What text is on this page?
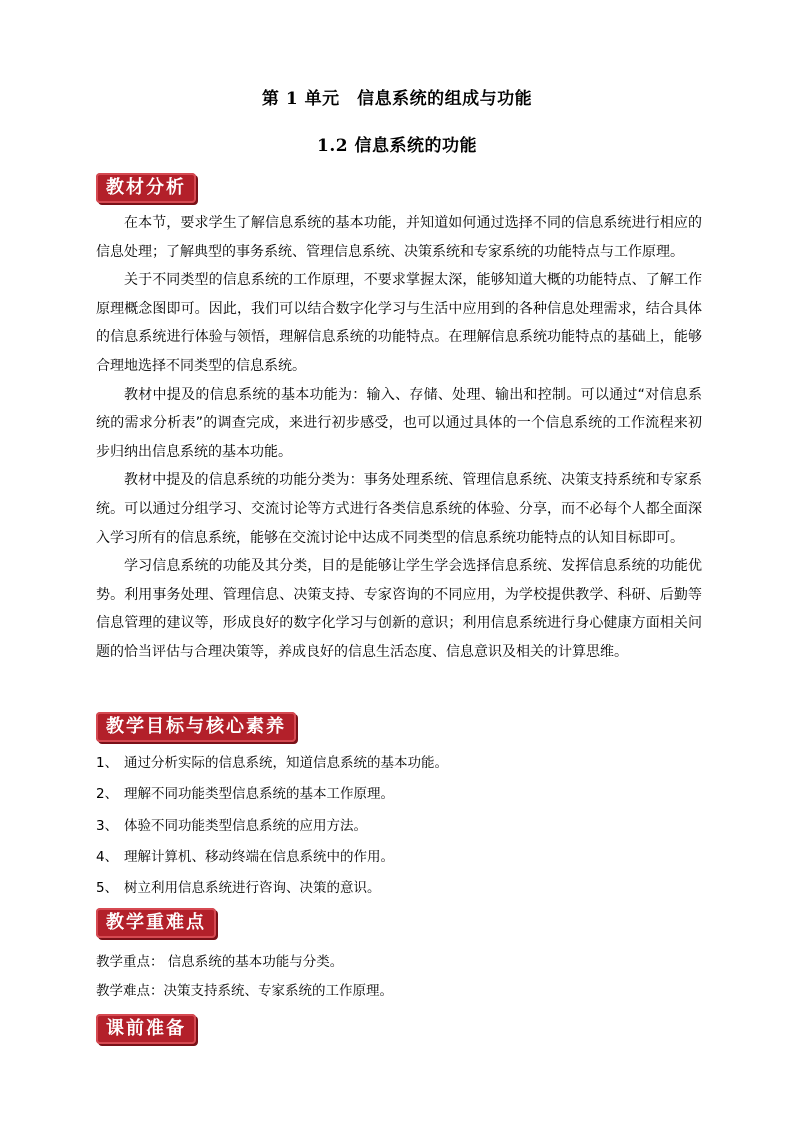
第 1 单元　信息系统的组成与功能
1.2 信息系统的功能
教材分析

在本节，要求学生了解信息系统的基本功能，并知道如何通过选择不同的信息系统进行相应的信息处理；了解典型的事务系统、管理信息系统、决策系统和专家系统的功能特点与工作原理。

关于不同类型的信息系统的工作原理，不要求掌握太深，能够知道大概的功能特点、了解工作原理概念图即可。因此，我们可以结合数字化学习与生活中应用到的各种信息处理需求，结合具体的信息系统进行体验与领悟，理解信息系统的功能特点。在理解信息系统功能特点的基础上，能够合理地选择不同类型的信息系统。

教材中提及的信息系统的基本功能为：输入、存储、处理、输出和控制。可以通过“对信息系统的需求分析表”的调查完成，来进行初步感受，也可以通过具体的一个信息系统的工作流程来初步归纳出信息系统的基本功能。

教材中提及的信息系统的功能分类为：事务处理系统、管理信息系统、决策支持系统和专家系统。可以通过分组学习、交流讨论等方式进行各类信息系统的体验、分享，而不必每个人都全面深入学习所有的信息系统，能够在交流讨论中达成不同类型的信息系统功能特点的认知目标即可。

学习信息系统的功能及其分类，目的是能够让学生学会选择信息系统、发挥信息系统的功能优势。利用事务处理、管理信息、决策支持、专家咨询的不同应用，为学校提供教学、科研、后勤等信息管理的建议等，形成良好的数字化学习与创新的意识；利用信息系统进行身心健康方面相关问题的恰当评估与合理决策等，养成良好的信息生活态度、信息意识及相关的计算思维。

教学目标与核心素养
1、 通过分析实际的信息系统，知道信息系统的基本功能。
2、 理解不同功能类型信息系统的基本工作原理。
3、 体验不同功能类型信息系统的应用方法。
4、 理解计算机、移动终端在信息系统中的作用。
5、 树立利用信息系统进行咨询、决策的意识。
教学重难点
教学重点： 信息系统的基本功能与分类。
教学难点：决策支持系统、专家系统的工作原理。
课前准备
